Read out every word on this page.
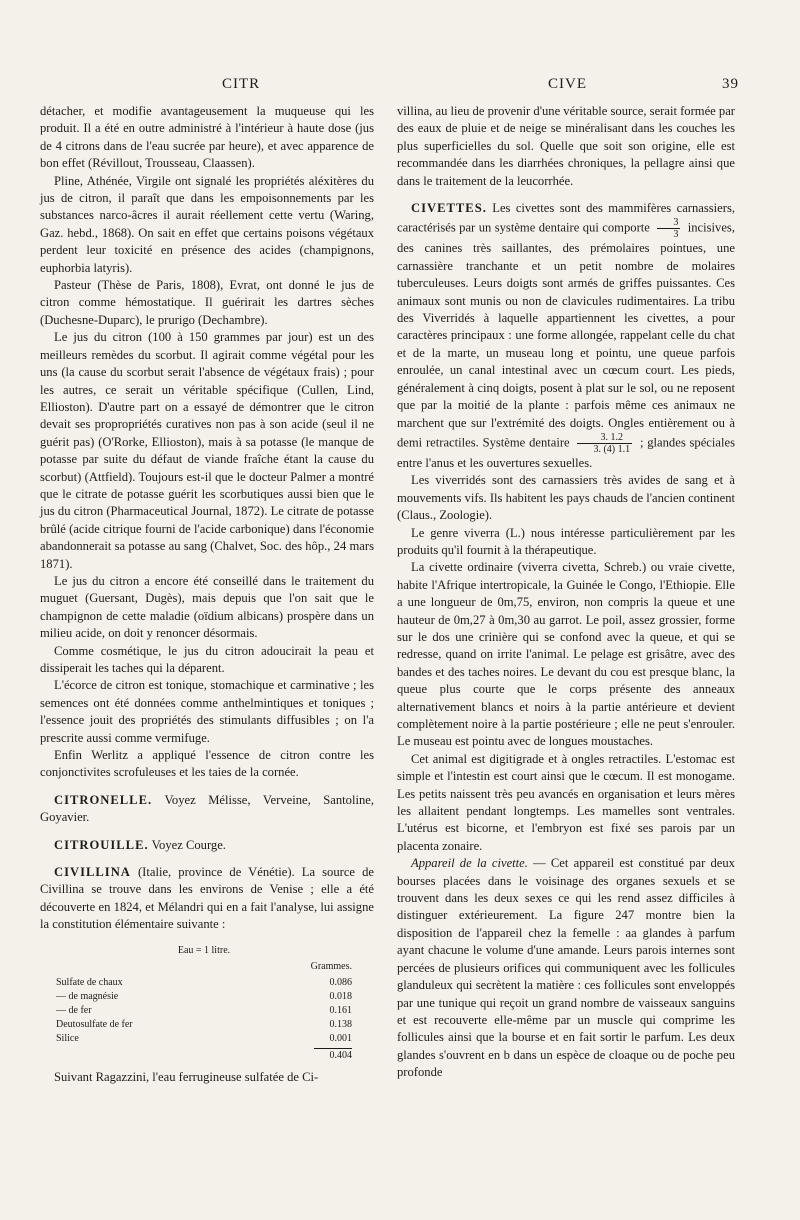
CITR	CIVE	39

détacher, et modifie avantageusement la muqueuse qui les produit. Il a été en outre administré à l'intérieur à haute dose (jus de 4 citrons dans de l'eau sucrée par heure), et avec apparence de bon effet (Révillout, Trousseau, Claassen).

Pline, Athénée, Virgile ont signalé les propriétés aléxitères du jus de citron, il paraît que dans les empoisonnements par les substances narco-âcres il aurait réellement cette vertu (Waring, Gaz. hebd., 1868). On sait en effet que certains poisons végétaux perdent leur toxicité en présence des acides (champignons, euphorbia latyris).

Pasteur (Thèse de Paris, 1808), Evrat, ont donné le jus de citron comme hémostatique. Il guérirait les dartres sèches (Duchesne-Duparc), le prurigo (Dechambre).

Le jus du citron (100 à 150 grammes par jour) est un des meilleurs remèdes du scorbut. Il agirait comme végétal pour les uns (la cause du scorbut serait l'absence de végétaux frais) ; pour les autres, ce serait un véritable spécifique (Cullen, Lind, Ellioston). D'autre part on a essayé de démontrer que le citron devait ses propropriétés curatives non pas à son acide (seul il ne guérit pas) (O'Rorke, Ellioston), mais à sa potasse (le manque de potasse par suite du défaut de viande fraîche étant la cause du scorbut) (Attfield). Toujours est-il que le docteur Palmer a montré que le citrate de potasse guérit les scorbutiques aussi bien que le jus du citron (Pharmaceutical Journal, 1872). Le citrate de potasse brûlé (acide citrique fourni de l'acide carbonique) dans l'économie abandonnerait sa potasse au sang (Chalvet, Soc. des hôp., 24 mars 1871).

Le jus du citron a encore été conseillé dans le traitement du muguet (Guersant, Dugès), mais depuis que l'on sait que le champignon de cette maladie (oïdium albicans) prospère dans un milieu acide, on doit y renoncer désormais.

Comme cosmétique, le jus du citron adoucirait la peau et dissiperait les taches qui la déparent.

L'écorce de citron est tonique, stomachique et carminative ; les semences ont été données comme anthelmintiques et toniques ; l'essence jouit des propriétés des stimulants diffusibles ; on l'a prescrite aussi comme vermifuge.

Enfin Werlitz a appliqué l'essence de citron contre les conjonctivites scrofuleuses et les taies de la cornée.

CITRONELLE. Voyez Mélisse, Verveine, Santoline, Goyavier.

CITROUILLE. Voyez Courge.

CIVILLINA (Italie, province de Vénétie). La source de Civillina se trouve dans les environs de Venise ; elle a été découverte en 1824, et Mélandri qui en a fait l'analyse, lui assigne la constitution élémentaire suivante :

Eau = 1 litre.
Grammes.
Sulfate de chaux	0.086
— de magnésie	0.018
— de fer	0.161
Deutosulfate de fer	0.138
Silice	0.001
0.404

Suivant Ragazzini, l'eau ferrugineuse sulfatée de Ci-

villina, au lieu de provenir d'une véritable source, serait formée par des eaux de pluie et de neige se minéralisant dans les couches les plus superficielles du sol. Quelle que soit son origine, elle est recommandée dans les diarrhées chroniques, la pellagre ainsi que dans le traitement de la leucorrhée.

CIVETTES. Les civettes sont des mammifères carnassiers, caractérisés par un système dentaire qui comporte $\frac{3}{3}$ incisives, des canines très saillantes, des prémolaires pointues, une carnassière tranchante et un petit nombre de molaires tuberculeuses. Leurs doigts sont armés de griffes puissantes. Ces animaux sont munis ou non de clavicules rudimentaires. La tribu des Viverridés à laquelle appartiennent les civettes, a pour caractères principaux : une forme allongée, rappelant celle du chat et de la marte, un museau long et pointu, une queue parfois enroulée, un canal intestinal avec un cœcum court. Les pieds, généralement à cinq doigts, posent à plat sur le sol, ou ne reposent que par la moitié de la plante : parfois même ces animaux ne marchent que sur l'extrémité des doigts. Ongles entièrement ou à demi retractiles. Système dentaire $\frac{3. 1.2}{3. (4) 1.1}$ ; glandes spéciales entre l'anus et les ouvertures sexuelles.

Les viverridés sont des carnassiers très avides de sang et à mouvements vifs. Ils habitent les pays chauds de l'ancien continent (Claus., Zoologie).

Le genre viverra (L.) nous intéresse particulièrement par les produits qu'il fournit à la thérapeutique.

La civette ordinaire (viverra civetta, Schreb.) ou vraie civette, habite l'Afrique intertropicale, la Guinée le Congo, l'Ethiopie. Elle a une longueur de 0m,75, environ, non compris la queue et une hauteur de 0m,27 à 0m,30 au garrot. Le poil, assez grossier, forme sur le dos une crinière qui se confond avec la queue, et qui se redresse, quand on irrite l'animal. Le pelage est grisâtre, avec des bandes et des taches noires. Le devant du cou est presque blanc, la queue plus courte que le corps présente des anneaux alternativement blancs et noirs à la partie antérieure et devient complètement noire à la partie postérieure ; elle ne peut s'enrouler. Le museau est pointu avec de longues moustaches.

Cet animal est digitigrade et à ongles retractiles. L'estomac est simple et l'intestin est court ainsi que le cœcum. Il est monogame. Les petits naissent très peu avancés en organisation et leurs mères les allaitent pendant longtemps. Les mamelles sont ventrales. L'utérus est bicorne, et l'embryon est fixé ses parois par un placenta zonaire.

Appareil de la civette. — Cet appareil est constitué par deux bourses placées dans le voisinage des organes sexuels et se trouvent dans les deux sexes ce qui les rend assez difficiles à distinguer extérieurement. La figure 247 montre bien la disposition de l'appareil chez la femelle : aa glandes à parfum ayant chacune le volume d'une amande. Leurs parois internes sont percées de plusieurs orifices qui communiquent avec les follicules glanduleux qui secrètent la matière : ces follicules sont enveloppés par une tunique qui reçoit un grand nombre de vaisseaux sanguins et est recouverte elle-même par un muscle qui comprime les follicules ainsi que la bourse et en fait sortir le parfum. Les deux glandes s'ouvrent en b dans un espèce de cloaque ou de poche peu profonde
